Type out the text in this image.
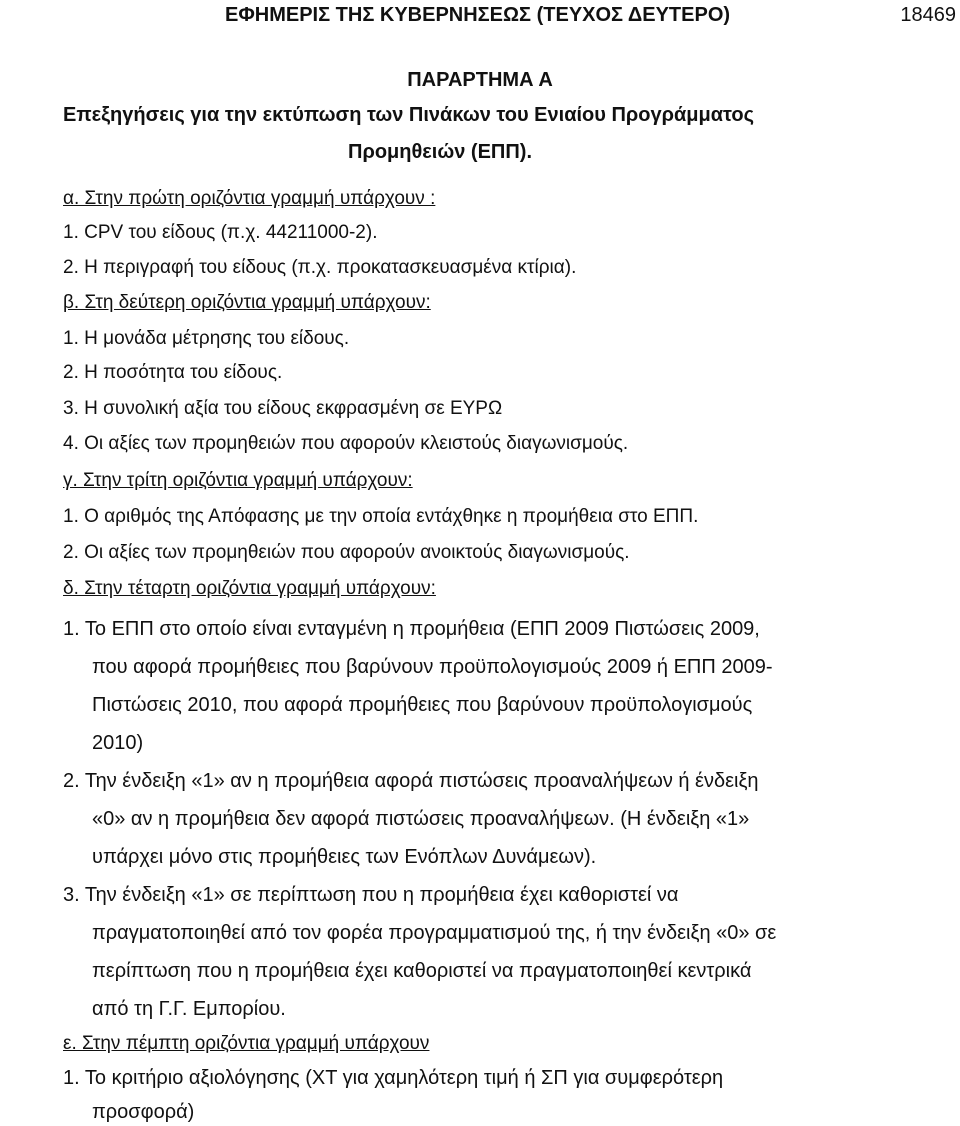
ΕΦΗΜΕΡΙΣ ΤΗΣ ΚΥΒΕΡΝΗΣΕΩΣ (ΤΕΥΧΟΣ ΔΕΥΤΕΡΟ)	18469
ΠΑΡΑΡΤΗΜΑ Α
Επεξηγήσεις για την εκτύπωση των Πινάκων του Ενιαίου Προγράμματος
Προμηθειών (ΕΠΠ).
α. Στην πρώτη οριζόντια γραμμή υπάρχουν :
1. CPV του είδους (π.χ. 44211000-2).
2. Η περιγραφή του είδους (π.χ. προκατασκευασμένα κτίρια).
β. Στη δεύτερη οριζόντια γραμμή υπάρχουν:
1. Η μονάδα μέτρησης του είδους.
2. Η ποσότητα του είδους.
3. Η συνολική αξία του είδους εκφρασμένη σε ΕΥΡΩ
4. Οι αξίες των προμηθειών που αφορούν κλειστούς διαγωνισμούς.
γ. Στην τρίτη οριζόντια γραμμή υπάρχουν:
1. Ο αριθμός της Απόφασης με την οποία εντάχθηκε η προμήθεια στο ΕΠΠ.
2. Οι αξίες των προμηθειών που αφορούν ανοικτούς διαγωνισμούς.
δ. Στην τέταρτη οριζόντια γραμμή υπάρχουν:
1. Το ΕΠΠ στο οποίο είναι ενταγμένη η προμήθεια (ΕΠΠ 2009 Πιστώσεις 2009,
που αφορά προμήθειες που βαρύνουν προϋπολογισμούς 2009 ή ΕΠΠ 2009-
Πιστώσεις 2010, που αφορά προμήθειες που βαρύνουν προϋπολογισμούς
2010)
2. Την ένδειξη «1» αν η προμήθεια αφορά πιστώσεις προαναλήψεων ή ένδειξη
«0» αν η προμήθεια δεν αφορά πιστώσεις προαναλήψεων. (Η ένδειξη «1»
υπάρχει μόνο στις προμήθειες των Ενόπλων Δυνάμεων).
3. Την ένδειξη «1» σε περίπτωση που η προμήθεια έχει καθοριστεί να
πραγματοποιηθεί από τον φορέα προγραμματισμού της, ή την ένδειξη «0» σε
περίπτωση που η προμήθεια έχει καθοριστεί να πραγματοποιηθεί κεντρικά
από τη Γ.Γ. Εμπορίου.
ε. Στην πέμπτη οριζόντια γραμμή υπάρχουν
1. Το κριτήριο αξιολόγησης (ΧΤ για χαμηλότερη τιμή ή ΣΠ για συμφερότερη
προσφορά)
